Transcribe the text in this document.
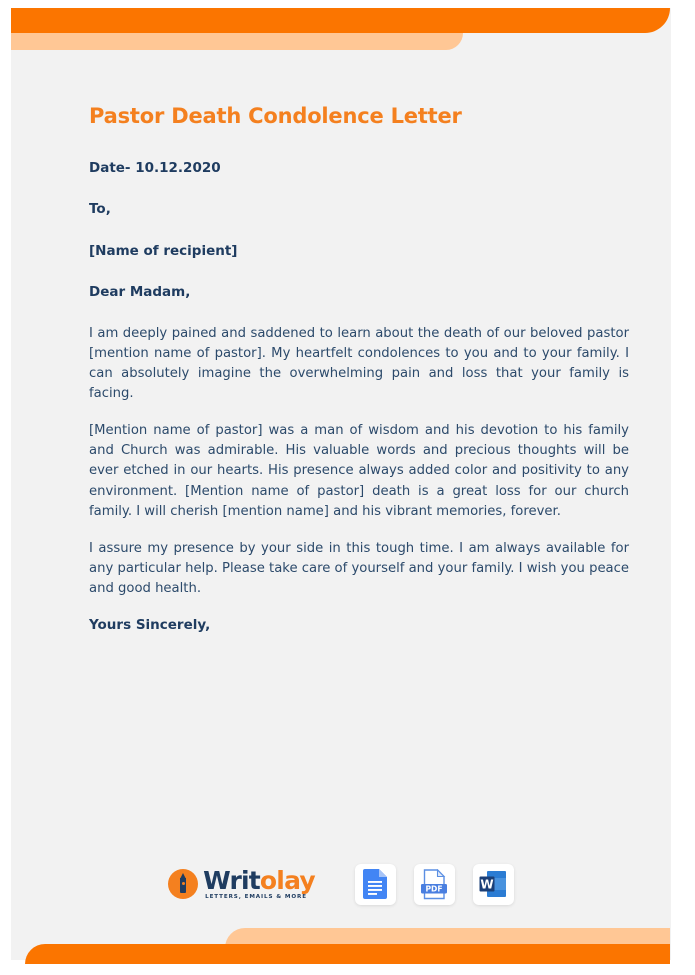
Pastor Death Condolence Letter
Date- 10.12.2020
To,
[Name of recipient]
Dear Madam,

I am deeply pained and saddened to learn about the death of our beloved pastor [mention name of pastor]. My heartfelt condolences to you and to your family. I can absolutely imagine the overwhelming pain and loss that your family is facing.

[Mention name of pastor] was a man of wisdom and his devotion to his family and Church was admirable. His valuable words and precious thoughts will be ever etched in our hearts. His presence always added color and positivity to any environment. [Mention name of pastor] death is a great loss for our church family. I will cherish [mention name] and his vibrant memories, forever.

I assure my presence by your side in this tough time. I am always available for any particular help. Please take care of yourself and your family. I wish you peace and good health.

Yours Sincerely,
Writolay
LETTERS, EMAILS & MORE
PDF	W
